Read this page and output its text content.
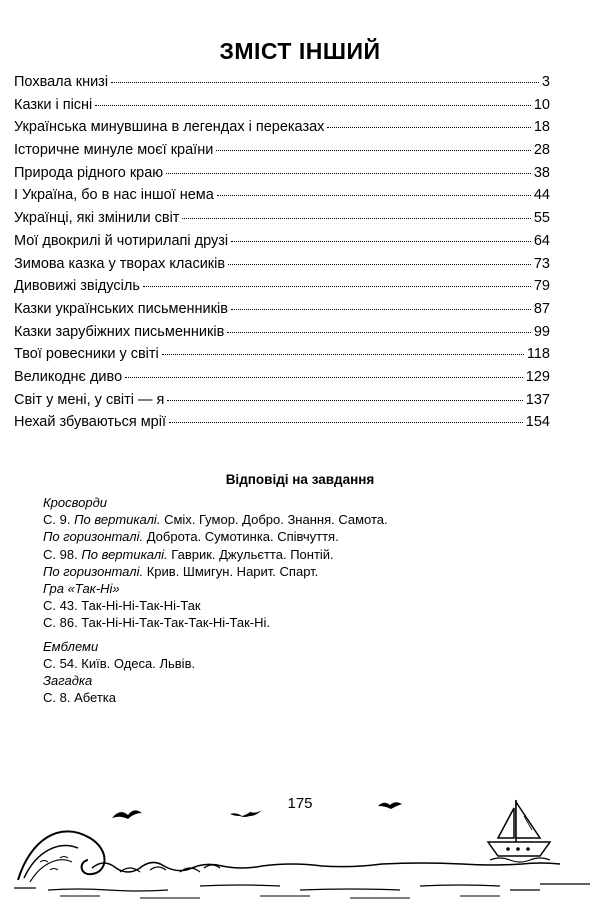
ЗМІСТ ІНШИЙ
Похвала книзі	3
Казки і пісні	10
Українська минувшина в легендах і переказах	18
Історичне минуле моєї країни	28
Природа рідного краю	38
І Україна, бо в нас іншої нема	44
Українці, які змінили світ	55
Мої двокрилі й чотирилапі друзі	64
Зимова казка у творах класиків	73
Дивовижі звідусіль	79
Казки українських письменників	87
Казки зарубіжних письменників	99
Твої ровесники у світі	118
Великоднє диво	129
Світ у мені, у світі — я	137
Нехай збуваються мрії	154
Відповіді на завдання
Кросворди
С. 9. По вертикалі. Сміх. Гумор. Добро. Знання. Самота.
По горизонталі. Доброта. Сумотинка. Співчуття.
С. 98. По вертикалі. Гаврик. Джульєтта. Понтій.
По горизонталі. Крив. Шмигун. Нарит. Спарт.
Гра «Так-Ні»
С. 43. Так-Ні-Ні-Так-Ні-Так
С. 86. Так-Ні-Ні-Так-Так-Так-Ні-Так-Ні.
Емблеми
С. 54. Київ. Одеса. Львів.
Загадка
С. 8. Абетка
175
